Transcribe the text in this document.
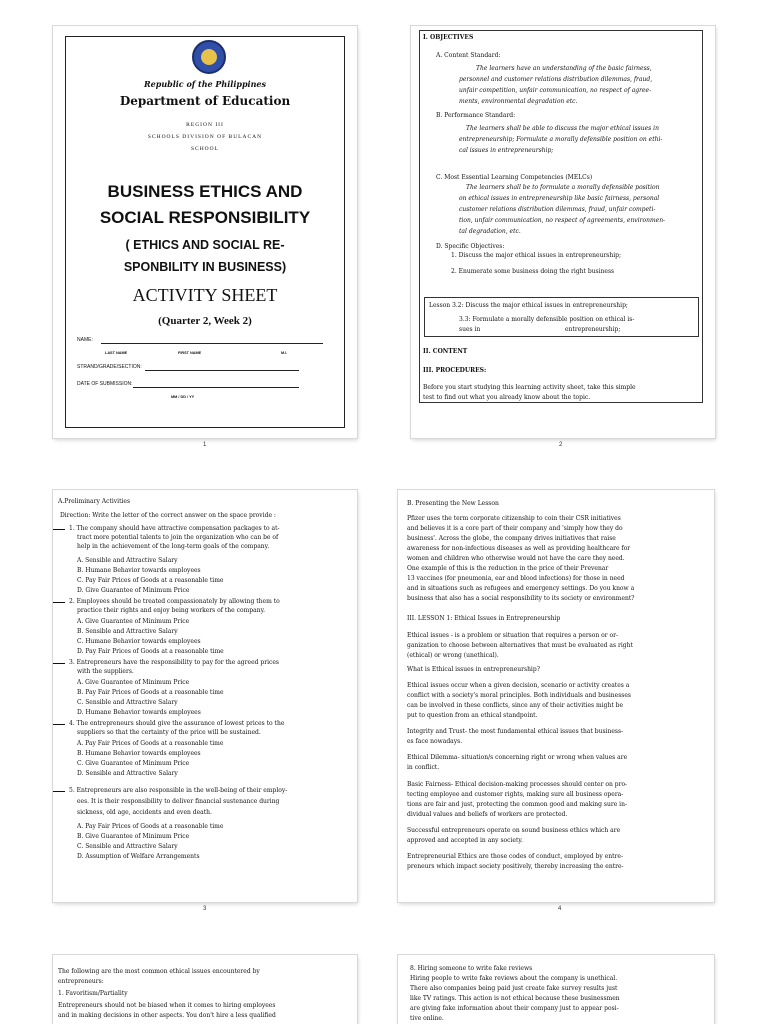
Republic of the Philippines
Department of Education
REGION III
SCHOOLS DIVISION OF BULACAN
SCHOOL
BUSINESS ETHICS AND
SOCIAL RESPONSIBILITY
( ETHICS AND SOCIAL RE-
SPONBILITY IN BUSINESS)
ACTIVITY SHEET
(Quarter 2, Week 2)
NAME:
LAST NAME	FIRST NAME	M.I.
STRAND/GRADE/SECTION:
DATE OF SUBMISSION:
MM / DD / YY
1
I. OBJECTIVES
A. Content Standard:
The learners have an understanding of the basic fairness,
personnel and customer relations distribution dilemmas, fraud,
unfair competition, unfair communication, no respect of agree-
ments, environmental degradation etc.
B. Performance Standard:
The learners shall be able to discuss the major ethical issues in
entrepreneurship; Formulate a morally defensible position on ethi-
cal issues in entrepreneurship;
C. Most Essential Learning Competencies (MELCs)
The learners shall be to formulate a morally defensible position
on ethical issues in entrepreneurship like basic fairness, personal
customer relations distribution dilemmas, fraud, unfair competi-
tion, unfair communication, no respect of agreements, environmen-
tal degradation, etc.
D. Specific Objectives:
1. Discuss the major ethical issues in entrepreneurship;
2. Enumerate some business doing the right business
Lesson 3.2: Discuss the major ethical issues in entrepreneurship;
3.3: Formulate a morally defensible position on ethical is-
sues in	entrepreneurship;
II. CONTENT
III. PROCEDURES:
Before you start studying this learning activity sheet, take this simple
test to find out what you already know about the topic.
2
A.Preliminary Activities
Direction: Write the letter of the correct answer on the space provide :
1. The company should have attractive compensation packages to at-
tract more potential talents to join the organization who can be of
help in the achievement of the long-term goals of the company.
A. Sensible and Attractive Salary
B. Humane Behavior towards employees
C. Pay Fair Prices of Goods at a reasonable time
D. Give Guarantee of Minimum Price
2. Employees should be treated compassionately by allowing them to
practice their rights and enjoy being workers of the company.
A. Give Guarantee of Minimum Price
B. Sensible and Attractive Salary
C. Humane Behavior towards employees
D. Pay Fair Prices of Goods at a reasonable time
3. Entrepreneurs have the responsibility to pay for the agreed prices
with the suppliers.
A. Give Guarantee of Minimum Price
B. Pay Fair Prices of Goods at a reasonable time
C. Sensible and Attractive Salary
D. Humane Behavior towards employees
4. The entrepreneurs should give the assurance of lowest prices to the
suppliers so that the certainty of the price will be sustained.
A. Pay Fair Prices of Goods at a reasonable time
B. Humane Behavior towards employees
C. Give Guarantee of Minimum Price
D. Sensible and Attractive Salary
5. Entrepreneurs are also responsible in the well-being of their employ-
ees. It is their responsibility to deliver financial sustenance during
sickness, old age, accidents and even death.
A. Pay Fair Prices of Goods at a reasonable time
B. Give Guarantee of Minimum Price
C. Sensible and Attractive Salary
D. Assumption of Welfare Arrangements
3
B. Presenting the New Lesson
Pfizer uses the term corporate citizenship to coin their CSR initiatives
and believes it is a core part of their company and 'simply how they do
business'. Across the globe, the company drives initiatives that raise
awareness for non-infectious diseases as well as providing healthcare for
women and children who otherwise would not have the care they need.
One example of this is the reduction in the price of their Prevenar
13 vaccines (for pneumonia, ear and blood infections) for those in need
and in situations such as refugees and emergency settings. Do you know a
business that also has a social responsibility to its society or environment?
III. LESSON 1: Ethical Issues in Entrepreneurship
Ethical issues - is a problem or situation that requires a person or or-
ganization to choose between alternatives that must be evaluated as right
(ethical) or wrong (unethical).
What is Ethical issues in entrepreneurship?
Ethical issues occur when a given decision, scenario or activity creates a
conflict with a society's moral principles. Both individuals and businesses
can be involved in these conflicts, since any of their activities might be
put to question from an ethical standpoint.
Integrity and Trust- the most fundamental ethical issues that business-
es face nowadays.
Ethical Dilemma- situation/s concerning right or wrong when values are
in conflict.
Basic Fairness- Ethical decision-making processes should center on pro-
tecting employee and customer rights, making sure all business opera-
tions are fair and just, protecting the common good and making sure in-
dividual values and beliefs of workers are protected.
Successful entrepreneurs operate on sound business ethics which are
approved and accepted in any society.
Entrepreneurial Ethics are those codes of conduct, employed by entre-
preneurs which impact society positively, thereby increasing the entre-
4
The following are the most common ethical issues encountered by
entrepreneurs:
1. Favoritism/Partiality
Entrepreneurs should not be biased when it comes to hiring employees
and in making decisions in other aspects. You don't hire a less qualified
8. Hiring someone to write fake reviews
Hiring people to write fake reviews about the company is unethical.
There also companies being paid just create fake survey results just
like TV ratings. This action is not ethical because these businessmen
are giving fake information about their company just to appear posi-
tive online.
